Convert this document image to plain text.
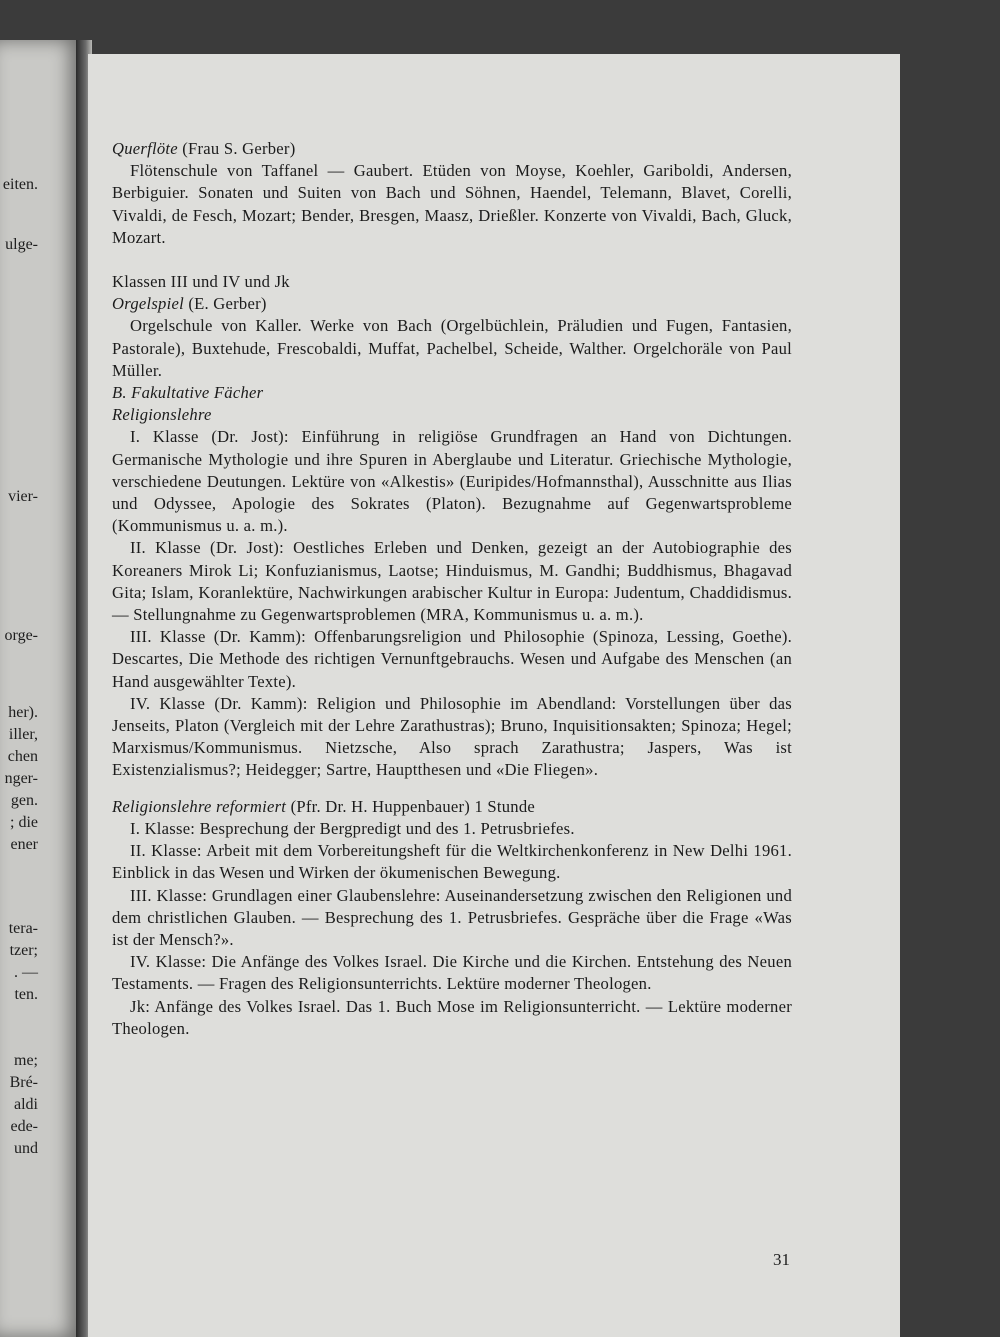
eiten.
ulge-
vier-
orge-
her).
iller,
chen
nger-
gen.
; die
ener
tera-
tzer;
. —
ten.
me;
Bré-
aldi
ede-
und

Querflöte (Frau S. Gerber)

Flötenschule von Taffanel — Gaubert. Etüden von Moyse, Koehler, Gariboldi, Andersen, Berbiguier. Sonaten und Suiten von Bach und Söhnen, Haendel, Telemann, Blavet, Corelli, Vivaldi, de Fesch, Mozart; Bender, Bresgen, Maasz, Drießler. Konzerte von Vivaldi, Bach, Gluck, Mozart.

Klassen III und IV und Jk

Orgelspiel (E. Gerber)

Orgelschule von Kaller. Werke von Bach (Orgelbüchlein, Präludien und Fugen, Fantasien, Pastorale), Buxtehude, Frescobaldi, Muffat, Pachelbel, Scheide, Walther. Orgelchoräle von Paul Müller.

B. Fakultative Fächer

Religionslehre

I. Klasse (Dr. Jost): Einführung in religiöse Grundfragen an Hand von Dichtungen. Germanische Mythologie und ihre Spuren in Aberglaube und Literatur. Griechische Mythologie, verschiedene Deutungen. Lektüre von «Alkestis» (Euripides/Hofmannsthal), Ausschnitte aus Ilias und Odyssee, Apologie des Sokrates (Platon). Bezugnahme auf Gegenwartsprobleme (Kommunismus u. a. m.).

II. Klasse (Dr. Jost): Oestliches Erleben und Denken, gezeigt an der Autobiographie des Koreaners Mirok Li; Konfuzianismus, Laotse; Hinduismus, M. Gandhi; Buddhismus, Bhagavad Gita; Islam, Koranlektüre, Nachwirkungen arabischer Kultur in Europa: Judentum, Chaddidismus. — Stellungnahme zu Gegenwartsproblemen (MRA, Kommunismus u. a. m.).

III. Klasse (Dr. Kamm): Offenbarungsreligion und Philosophie (Spinoza, Lessing, Goethe). Descartes, Die Methode des richtigen Vernunftgebrauchs. Wesen und Aufgabe des Menschen (an Hand ausgewählter Texte).

IV. Klasse (Dr. Kamm): Religion und Philosophie im Abendland: Vorstellungen über das Jenseits, Platon (Vergleich mit der Lehre Zarathustras); Bruno, Inquisitionsakten; Spinoza; Hegel; Marxismus/Kommunismus. Nietzsche, Also sprach Zarathustra; Jaspers, Was ist Existenzialismus?; Heidegger; Sartre, Hauptthesen und «Die Fliegen».

Religionslehre reformiert (Pfr. Dr. H. Huppenbauer) 1 Stunde

I. Klasse: Besprechung der Bergpredigt und des 1. Petrusbriefes.

II. Klasse: Arbeit mit dem Vorbereitungsheft für die Weltkirchenkonferenz in New Delhi 1961. Einblick in das Wesen und Wirken der ökumenischen Bewegung.

III. Klasse: Grundlagen einer Glaubenslehre: Auseinandersetzung zwischen den Religionen und dem christlichen Glauben. — Besprechung des 1. Petrusbriefes. Gespräche über die Frage «Was ist der Mensch?».

IV. Klasse: Die Anfänge des Volkes Israel. Die Kirche und die Kirchen. Entstehung des Neuen Testaments. — Fragen des Religionsunterrichts. Lektüre moderner Theologen.

Jk: Anfänge des Volkes Israel. Das 1. Buch Mose im Religionsunterricht. — Lektüre moderner Theologen.

31
